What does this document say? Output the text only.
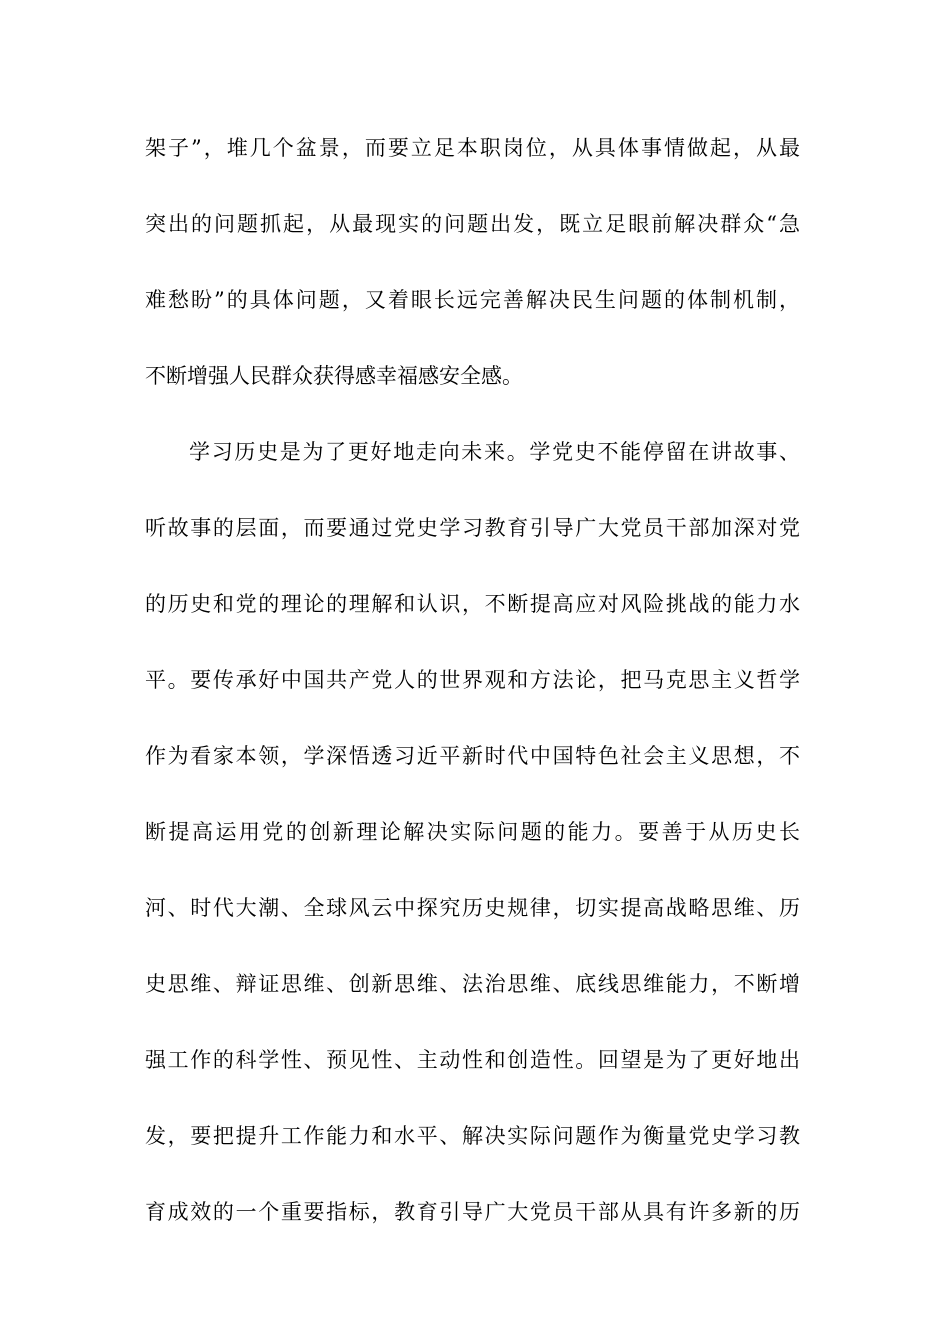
架子”，堆几个盆景，而要立足本职岗位，从具体事情做起，从最
突出的问题抓起，从最现实的问题出发，既立足眼前解决群众“急
难愁盼”的具体问题，又着眼长远完善解决民生问题的体制机制，
不断增强人民群众获得感幸福感安全感。
学习历史是为了更好地走向未来。学党史不能停留在讲故事、
听故事的层面，而要通过党史学习教育引导广大党员干部加深对党
的历史和党的理论的理解和认识，不断提高应对风险挑战的能力水
平。要传承好中国共产党人的世界观和方法论，把马克思主义哲学
作为看家本领，学深悟透习近平新时代中国特色社会主义思想，不
断提高运用党的创新理论解决实际问题的能力。要善于从历史长
河、时代大潮、全球风云中探究历史规律，切实提高战略思维、历
史思维、辩证思维、创新思维、法治思维、底线思维能力，不断增
强工作的科学性、预见性、主动性和创造性。回望是为了更好地出
发，要把提升工作能力和水平、解决实际问题作为衡量党史学习教
育成效的一个重要指标，教育引导广大党员干部从具有许多新的历
